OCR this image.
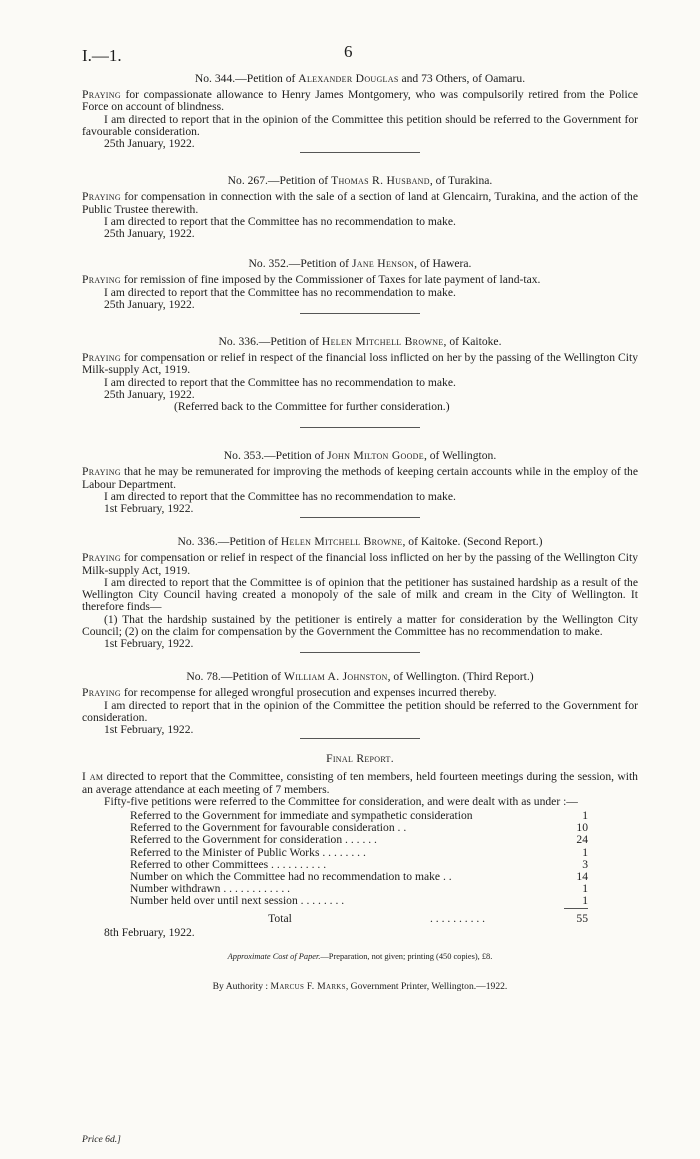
I.—1.	6

No. 344.—Petition of Alexander Douglas and 73 Others, of Oamaru.

Praying for compassionate allowance to Henry James Montgomery, who was compulsorily retired from the Police Force on account of blindness.

I am directed to report that in the opinion of the Committee this petition should be referred to the Government for favourable consideration.

25th January, 1922.

No. 267.—Petition of Thomas R. Husband, of Turakina.

Praying for compensation in connection with the sale of a section of land at Glencairn, Turakina, and the action of the Public Trustee therewith.

I am directed to report that the Committee has no recommendation to make.

25th January, 1922.

No. 352.—Petition of Jane Henson, of Hawera.

Praying for remission of fine imposed by the Commissioner of Taxes for late payment of land-tax.

I am directed to report that the Committee has no recommendation to make.

25th January, 1922.

No. 336.—Petition of Helen Mitchell Browne, of Kaitoke.

Praying for compensation or relief in respect of the financial loss inflicted on her by the passing of the Wellington City Milk-supply Act, 1919.

I am directed to report that the Committee has no recommendation to make.

25th January, 1922.

(Referred back to the Committee for further consideration.)

No. 353.—Petition of John Milton Goode, of Wellington.

Praying that he may be remunerated for improving the methods of keeping certain accounts while in the employ of the Labour Department.

I am directed to report that the Committee has no recommendation to make.

1st February, 1922.

No. 336.—Petition of Helen Mitchell Browne, of Kaitoke. (Second Report.)

Praying for compensation or relief in respect of the financial loss inflicted on her by the passing of the Wellington City Milk-supply Act, 1919.

I am directed to report that the Committee is of opinion that the petitioner has sustained hardship as a result of the Wellington City Council having created a monopoly of the sale of milk and cream in the City of Wellington. It therefore finds—

(1) That the hardship sustained by the petitioner is entirely a matter for consideration by the Wellington City Council; (2) on the claim for compensation by the Government the Committee has no recommendation to make.

1st February, 1922.

No. 78.—Petition of William A. Johnston, of Wellington. (Third Report.)

Praying for recompense for alleged wrongful prosecution and expenses incurred thereby.

I am directed to report that in the opinion of the Committee the petition should be referred to the Government for consideration.

1st February, 1922.

Final Report.

I am directed to report that the Committee, consisting of ten members, held fourteen meetings during the session, with an average attendance at each meeting of 7 members.

Fifty-five petitions were referred to the Committee for consideration, and were dealt with as under :—

Referred to the Government for immediate and sympathetic consideration	1
Referred to the Government for favourable consideration . .	10
Referred to the Government for consideration . . . . . .	24
Referred to the Minister of Public Works . . . . . . . .	1
Referred to other Committees . . . . . . . . . .	3
Number on which the Committee had no recommendation to make . .	14
Number withdrawn . . . . . . . . . . . .	1
Number held over until next session . . . . . . . .	1
Total	. . . . . . . . . .	55

8th February, 1922.

Approximate Cost of Paper.—Preparation, not given; printing (450 copies), £8.

By Authority : Marcus F. Marks, Government Printer, Wellington.—1922.

Price 6d.]
